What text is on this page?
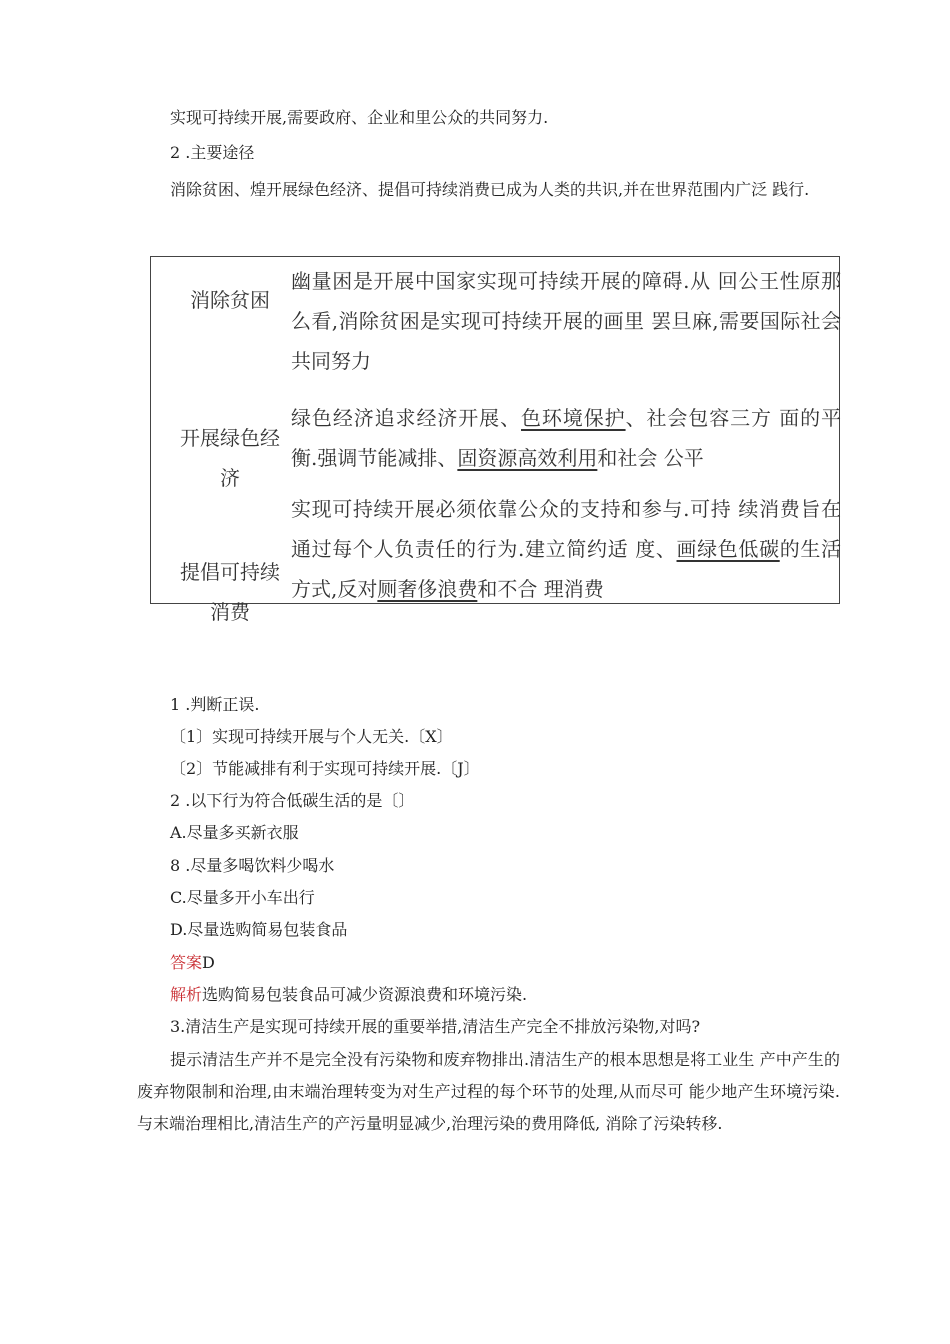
实现可持续开展,需要政府、企业和里公众的共同努力.
2 .主要途径
消除贫困、煌开展绿色经济、提倡可持续消费已成为人类的共识,并在世界范围内广泛 践行.
消除贫困
幽量困是开展中国家实现可持续开展的障碍.从 回公王性原那么看,消除贫困是实现可持续开展的画里 罢旦麻,需要国际社会共同努力
开展绿色经济
绿色经济追求经济开展、色环境保护、社会包容三方 面的平衡.强调节能减排、固资源高效利用和社会 公平
提倡可持续消费
实现可持续开展必须依靠公众的支持和参与.可持 续消费旨在通过每个人负责任的行为.建立简约适 度、画绿色低碳的生活方式,反对厕奢侈浪费和不合 理消费
1 .判断正误.
〔1〕实现可持续开展与个人无关.〔X〕
〔2〕节能减排有利于实现可持续开展.〔J〕
2 .以下行为符合低碳生活的是〔〕
A.尽量多买新衣服
8 .尽量多喝饮料少喝水
C.尽量多开小车出行
D.尽量选购简易包装食品
答案D
解析选购简易包装食品可减少资源浪费和环境污染.
3.清洁生产是实现可持续开展的重要举措,清洁生产完全不排放污染物,对吗?
提示清洁生产并不是完全没有污染物和废弃物排出.清洁生产的根本思想是将工业生 产中产生的废弃物限制和治理,由末端治理转变为对生产过程的每个环节的处理,从而尽可 能少地产生环境污染.与末端治理相比,清洁生产的产污量明显减少,治理污染的费用降低, 消除了污染转移.
